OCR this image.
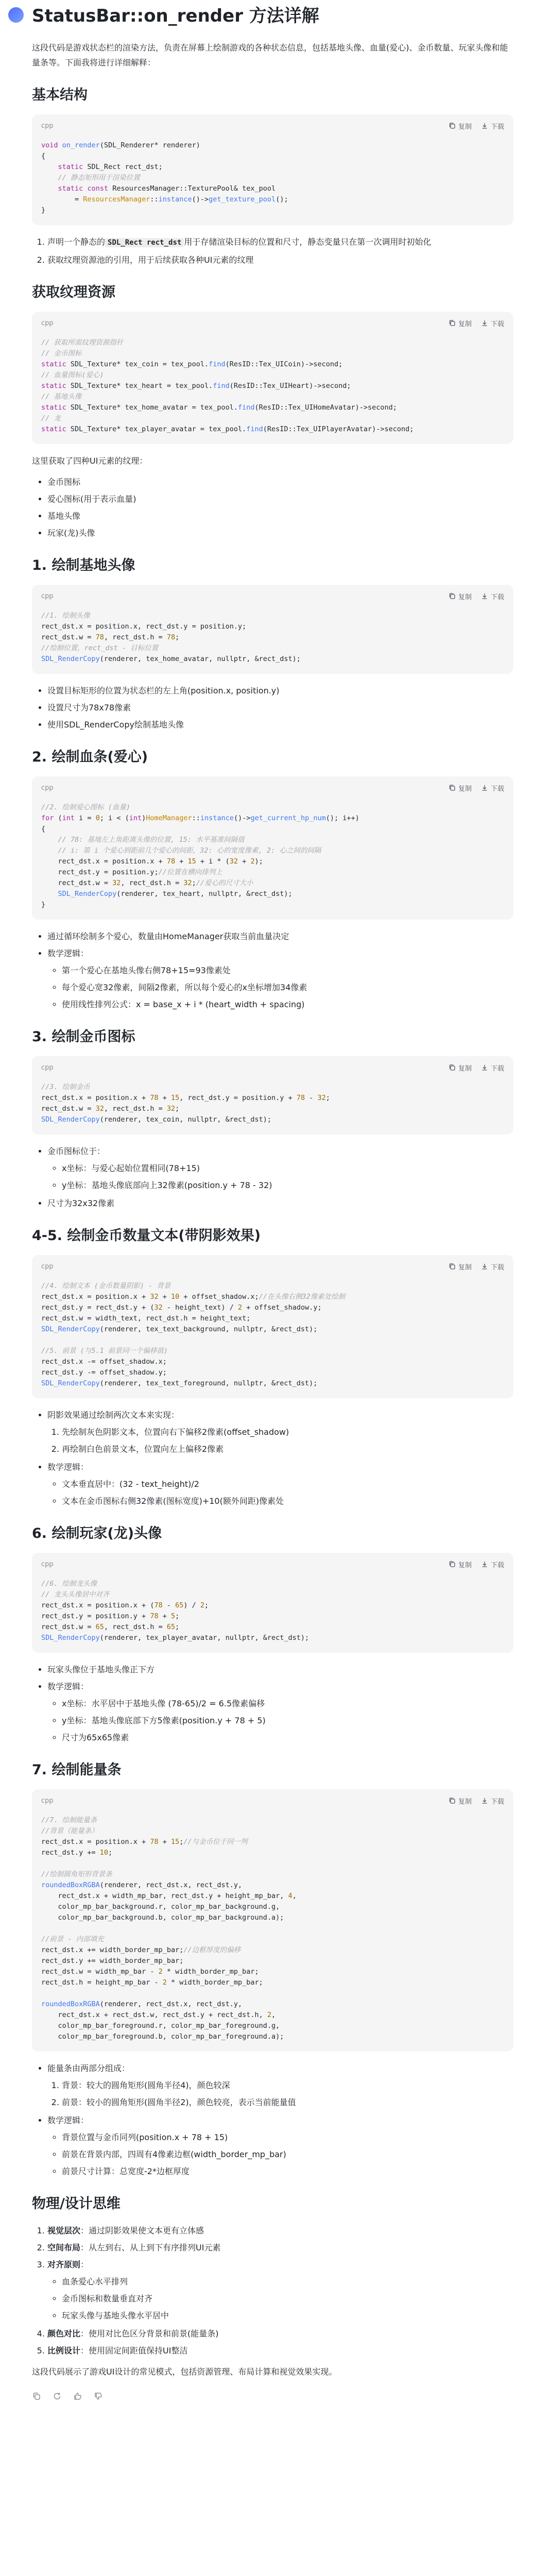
StatusBar::on_render 方法详解

这段代码是游戏状态栏的渲染方法，负责在屏幕上绘制游戏的各种状态信息，包括基地头像、血量(爱心)、金币数量、玩家头像和能量条等。下面我将进行详细解释：

基本结构
cpp	复制	下载
void on_render(SDL_Renderer* renderer)
{
static SDL_Rect rect_dst;
// 静态矩形用于渲染位置
static const ResourcesManager::TexturePool& tex_pool
= ResourcesManager::instance()->get_texture_pool();
}
1. 声明一个静态的 SDL_Rect rect_dst 用于存储渲染目标的位置和尺寸，静态变量只在第一次调用时初始化
2. 获取纹理资源池的引用，用于后续获取各种UI元素的纹理
获取纹理资源
cpp	复制	下载
// 获取所需纹理资源指针
// 金币图标
static SDL_Texture* tex_coin = tex_pool.find(ResID::Tex_UICoin)->second;
// 血量图标(爱心)
static SDL_Texture* tex_heart = tex_pool.find(ResID::Tex_UIHeart)->second;
// 基地头像
static SDL_Texture* tex_home_avatar = tex_pool.find(ResID::Tex_UIHomeAvatar)->second;
// 龙
static SDL_Texture* tex_player_avatar = tex_pool.find(ResID::Tex_UIPlayerAvatar)->second;

这里获取了四种UI元素的纹理：

• 金币图标
• 爱心图标(用于表示血量)
• 基地头像
• 玩家(龙)头像
1. 绘制基地头像
cpp	复制	下载
//1. 绘制头像
rect_dst.x = position.x, rect_dst.y = position.y;
rect_dst.w = 78, rect_dst.h = 78;
//绘制位置，rect_dst - 目标位置
SDL_RenderCopy(renderer, tex_home_avatar, nullptr, &rect_dst);
• 设置目标矩形的位置为状态栏的左上角(position.x, position.y)
• 设置尺寸为78x78像素
• 使用SDL_RenderCopy绘制基地头像
2. 绘制血条(爱心)
cpp	复制	下载
//2. 绘制爱心图标 (血量)
for (int i = 0; i < (int)HomeManager::instance()->get_current_hp_num(); i++)
{
// 78: 基地左上角距离头像的位置, 15: 水平基准间隔值
// i: 第 i 个爱心到距前几个爱心的间距，32: 心的宽度像素, 2: 心之间的间隔
rect_dst.x = position.x + 78 + 15 + i * (32 + 2);
rect_dst.y = position.y;//位置在横向排列上
rect_dst.w = 32, rect_dst.h = 32;//爱心的尺寸大小
SDL_RenderCopy(renderer, tex_heart, nullptr, &rect_dst);
}
• 通过循环绘制多个爱心，数量由HomeManager获取当前血量决定
• 数学逻辑：
◦ 第一个爱心在基地头像右侧78+15=93像素处
◦ 每个爱心宽32像素，间隔2像素，所以每个爱心的x坐标增加34像素
◦ 使用线性排列公式：x = base_x + i * (heart_width + spacing)
3. 绘制金币图标
cpp	复制	下载
//3. 绘制金币
rect_dst.x = position.x + 78 + 15, rect_dst.y = position.y + 78 - 32;
rect_dst.w = 32, rect_dst.h = 32;
SDL_RenderCopy(renderer, tex_coin, nullptr, &rect_dst);
• 金币图标位于：
◦ x坐标：与爱心起始位置相同(78+15)
◦ y坐标：基地头像底部向上32像素(position.y + 78 - 32)
• 尺寸为32x32像素
4-5. 绘制金币数量文本(带阴影效果)
cpp	复制	下载
//4. 绘制文本 (金币数量阴影) - 背景
rect_dst.x = position.x + 32 + 10 + offset_shadow.x;//在头像右侧32像素处绘制
rect_dst.y = rect_dst.y + (32 - height_text) / 2 + offset_shadow.y;
rect_dst.w = width_text, rect_dst.h = height_text;
SDL_RenderCopy(renderer, tex_text_background, nullptr, &rect_dst);

//5. 前景 (与5.1 前景同一个偏移值)
rect_dst.x -= offset_shadow.x;
rect_dst.y -= offset_shadow.y;
SDL_RenderCopy(renderer, tex_text_foreground, nullptr, &rect_dst);
• 阴影效果通过绘制两次文本来实现：
1. 先绘制灰色阴影文本，位置向右下偏移2像素(offset_shadow)
2. 再绘制白色前景文本，位置向左上偏移2像素
• 数学逻辑：
◦ 文本垂直居中：(32 - text_height)/2
◦ 文本在金币图标右侧32像素(图标宽度)+10(额外间距)像素处
6. 绘制玩家(龙)头像
cpp	复制	下载
//6. 绘制龙头像
// 龙头头像居中对齐
rect_dst.x = position.x + (78 - 65) / 2;
rect_dst.y = position.y + 78 + 5;
rect_dst.w = 65, rect_dst.h = 65;
SDL_RenderCopy(renderer, tex_player_avatar, nullptr, &rect_dst);
• 玩家头像位于基地头像正下方
• 数学逻辑：
◦ x坐标：水平居中于基地头像 (78-65)/2 = 6.5像素偏移
◦ y坐标：基地头像底部下方5像素(position.y + 78 + 5)
◦ 尺寸为65x65像素
7. 绘制能量条
cpp	复制	下载
//7. 绘制能量条
//背景（能量条）
rect_dst.x = position.x + 78 + 15;//与金币位于同一列
rect_dst.y += 10;

//绘制圆角矩形背景条
roundedBoxRGBA(renderer, rect_dst.x, rect_dst.y,
rect_dst.x + width_mp_bar, rect_dst.y + height_mp_bar, 4,
color_mp_bar_background.r, color_mp_bar_background.g,
color_mp_bar_background.b, color_mp_bar_background.a);

//前景 - 内部填充
rect_dst.x += width_border_mp_bar;//边框厚度的偏移
rect_dst.y += width_border_mp_bar;
rect_dst.w = width_mp_bar - 2 * width_border_mp_bar;
rect_dst.h = height_mp_bar - 2 * width_border_mp_bar;

roundedBoxRGBA(renderer, rect_dst.x, rect_dst.y,
rect_dst.x + rect_dst.w, rect_dst.y + rect_dst.h, 2,
color_mp_bar_foreground.r, color_mp_bar_foreground.g,
color_mp_bar_foreground.b, color_mp_bar_foreground.a);
• 能量条由两部分组成：
1. 背景：较大的圆角矩形(圆角半径4)，颜色较深
2. 前景：较小的圆角矩形(圆角半径2)，颜色较亮，表示当前能量值
• 数学逻辑：
◦ 背景位置与金币同列(position.x + 78 + 15)
◦ 前景在背景内部，四周有4像素边框(width_border_mp_bar)
◦ 前景尺寸计算：总宽度-2*边框厚度
物理/设计思维
1. 视觉层次：通过阴影效果使文本更有立体感
2. 空间布局：从左到右、从上到下有序排列UI元素
3. 对齐原则：
◦ 血条爱心水平排列
◦ 金币图标和数量垂直对齐
◦ 玩家头像与基地头像水平居中
4. 颜色对比：使用对比色区分背景和前景(能量条)
5. 比例设计：使用固定间距值保持UI整洁

这段代码展示了游戏UI设计的常见模式，包括资源管理、布局计算和视觉效果实现。
